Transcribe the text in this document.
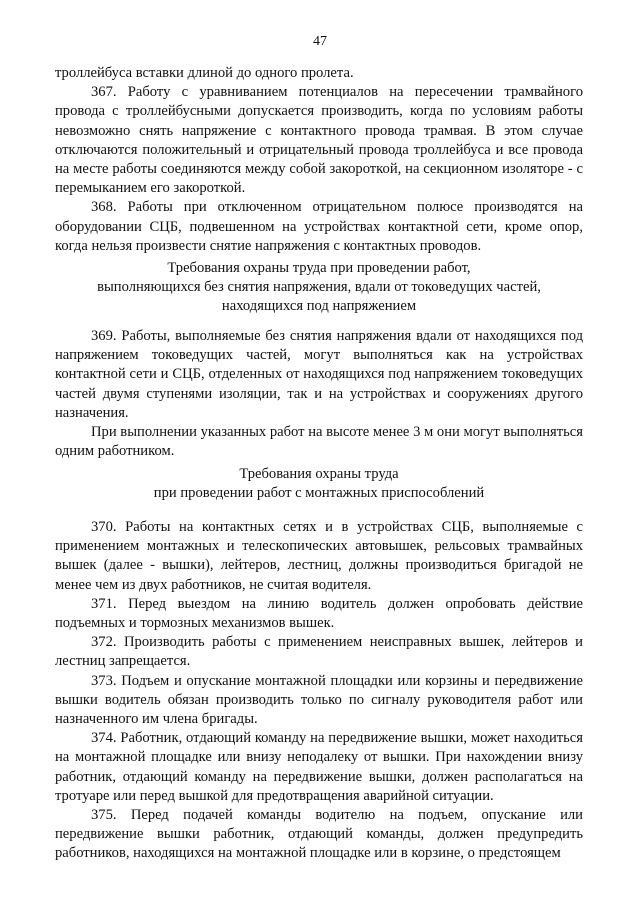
47

троллейбуса вставки длиной до одного пролета.

367. Работу с уравниванием потенциалов на пересечении трамвайного провода с троллейбусными допускается производить, когда по условиям работы невозможно снять напряжение с контактного провода трамвая. В этом случае отключаются положительный и отрицательный провода троллейбуса и все провода на месте работы соединяются между собой закороткой, на секционном изоляторе - с перемыканием его закороткой.

368. Работы при отключенном отрицательном полюсе производятся на оборудовании СЦБ, подвешенном на устройствах контактной сети, кроме опор, когда нельзя произвести снятие напряжения с контактных проводов.

Требования охраны труда при проведении работ,
выполняющихся без снятия напряжения, вдали от токоведущих частей,
находящихся под напряжением

369. Работы, выполняемые без снятия напряжения вдали от находящихся под напряжением токоведущих частей, могут выполняться как на устройствах контактной сети и СЦБ, отделенных от находящихся под напряжением токоведущих частей двумя ступенями изоляции, так и на устройствах и сооружениях другого назначения.

При выполнении указанных работ на высоте менее 3 м они могут выполняться одним работником.

Требования охраны труда
при проведении работ с монтажных приспособлений

370. Работы на контактных сетях и в устройствах СЦБ, выполняемые с применением монтажных и телескопических автовышек, рельсовых трамвайных вышек (далее - вышки), лейтеров, лестниц, должны производиться бригадой не менее чем из двух работников, не считая водителя.

371. Перед выездом на линию водитель должен опробовать действие подъемных и тормозных механизмов вышек.

372. Производить работы с применением неисправных вышек, лейтеров и лестниц запрещается.

373. Подъем и опускание монтажной площадки или корзины и передвижение вышки водитель обязан производить только по сигналу руководителя работ или назначенного им члена бригады.

374. Работник, отдающий команду на передвижение вышки, может находиться на монтажной площадке или внизу неподалеку от вышки. При нахождении внизу работник, отдающий команду на передвижение вышки, должен располагаться на тротуаре или перед вышкой для предотвращения аварийной ситуации.

375. Перед подачей команды водителю на подъем, опускание или передвижение вышки работник, отдающий команды, должен предупредить работников, находящихся на монтажной площадке или в корзине, о предстоящем
